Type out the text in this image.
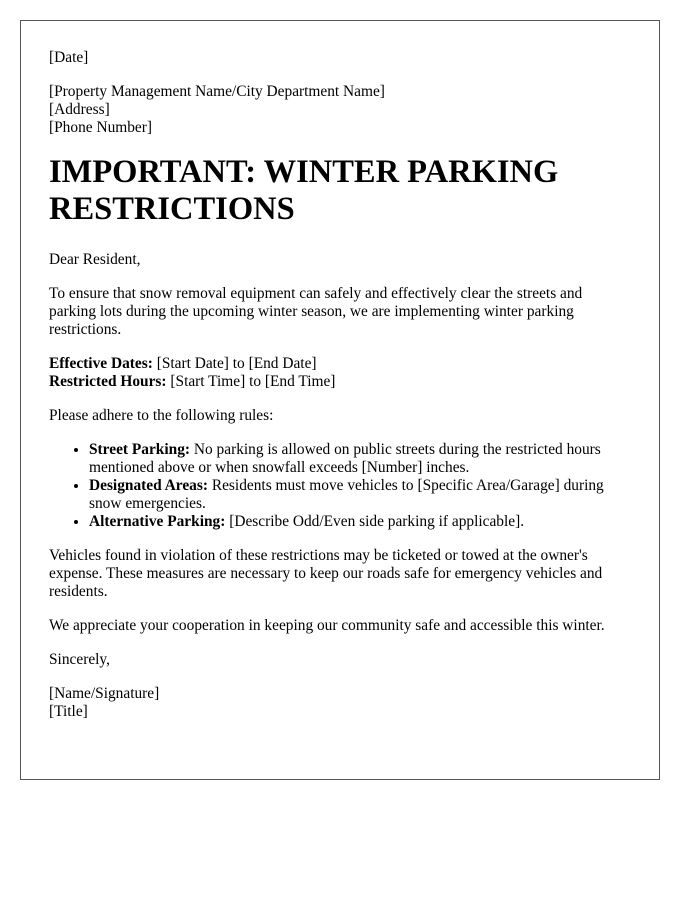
[Date]

[Property Management Name/City Department Name]
[Address]
[Phone Number]
IMPORTANT: WINTER PARKING RESTRICTIONS

Dear Resident,

To ensure that snow removal equipment can safely and effectively clear the streets and parking lots during the upcoming winter season, we are implementing winter parking restrictions.

Effective Dates: [Start Date] to [End Date]
Restricted Hours: [Start Time] to [End Time]

Please adhere to the following rules:

• Street Parking: No parking is allowed on public streets during the restricted hours mentioned above or when snowfall exceeds [Number] inches.
• Designated Areas: Residents must move vehicles to [Specific Area/Garage] during snow emergencies.
• Alternative Parking: [Describe Odd/Even side parking if applicable].

Vehicles found in violation of these restrictions may be ticketed or towed at the owner's expense. These measures are necessary to keep our roads safe for emergency vehicles and residents.

We appreciate your cooperation in keeping our community safe and accessible this winter.

Sincerely,

[Name/Signature]
[Title]
